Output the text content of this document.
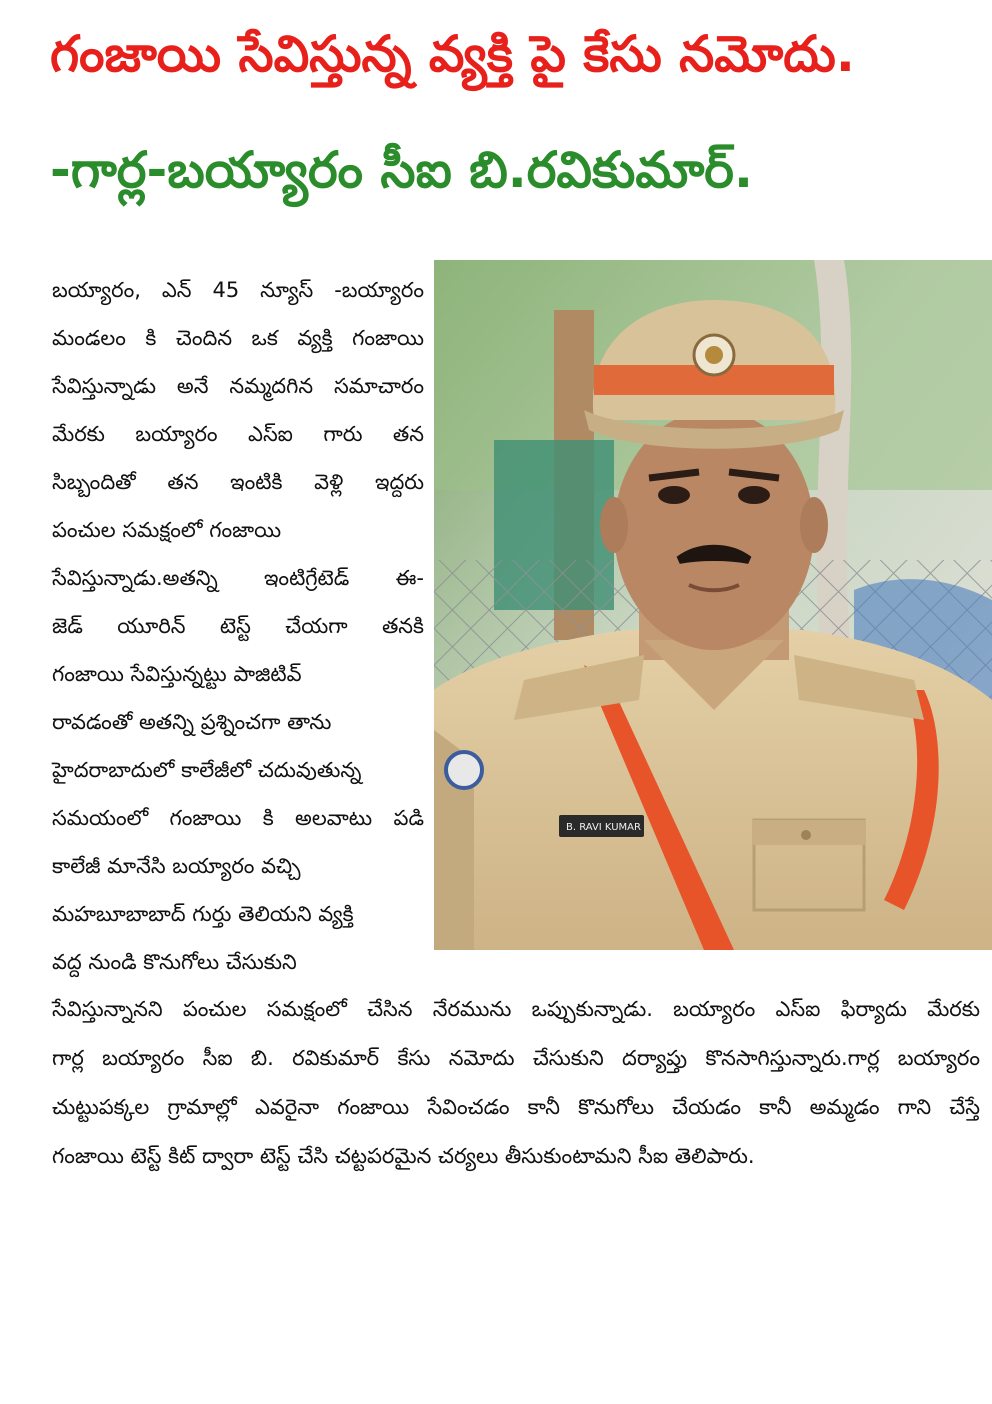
గంజాయి సేవిస్తున్న వ్యక్తి పై కేసు నమోదు.
-గార్ల-బయ్యారం సీఐ బి.రవికుమార్.
బయ్యారం, ఎన్ 45 న్యూస్ -బయ్యారం
మండలం కి చెందిన ఒక వ్యక్తి గంజాయి
సేవిస్తున్నాడు అనే నమ్మదగిన సమాచారం
మేరకు బయ్యారం ఎస్ఐ గారు తన
సిబ్బందితో తన ఇంటికి వెళ్లి ఇద్దరు
పంచుల సమక్షంలో గంజాయి
సేవిస్తున్నాడు.అతన్ని ఇంటిగ్రేటెడ్ ఈ-
జెడ్ యూరిన్ టెస్ట్ చేయగా తనకి
గంజాయి సేవిస్తున్నట్టు పాజిటివ్
రావడంతో అతన్ని ప్రశ్నించగా తాను
హైదరాబాదులో కాలేజీలో చదువుతున్న
సమయంలో గంజాయి కి అలవాటు పడి
కాలేజీ మానేసి బయ్యారం వచ్చి
మహబూబాబాద్ గుర్తు తెలియని వ్యక్తి
వద్ద నుండి కొనుగోలు చేసుకుని
B. RAVI KUMAR
సేవిస్తున్నానని పంచుల సమక్షంలో చేసిన నేరమును ఒప్పుకున్నాడు. బయ్యారం ఎస్ఐ ఫిర్యాదు మేరకు
గార్ల బయ్యారం సీఐ బి. రవికుమార్ కేసు నమోదు చేసుకుని దర్యాప్తు కొనసాగిస్తున్నారు.గార్ల బయ్యారం
చుట్టుపక్కల గ్రామాల్లో ఎవరైనా గంజాయి సేవించడం కానీ కొనుగోలు చేయడం కానీ అమ్మడం గాని చేస్తే
గంజాయి టెస్ట్ కిట్ ద్వారా టెస్ట్ చేసి చట్టపరమైన చర్యలు తీసుకుంటామని సీఐ తెలిపారు.
